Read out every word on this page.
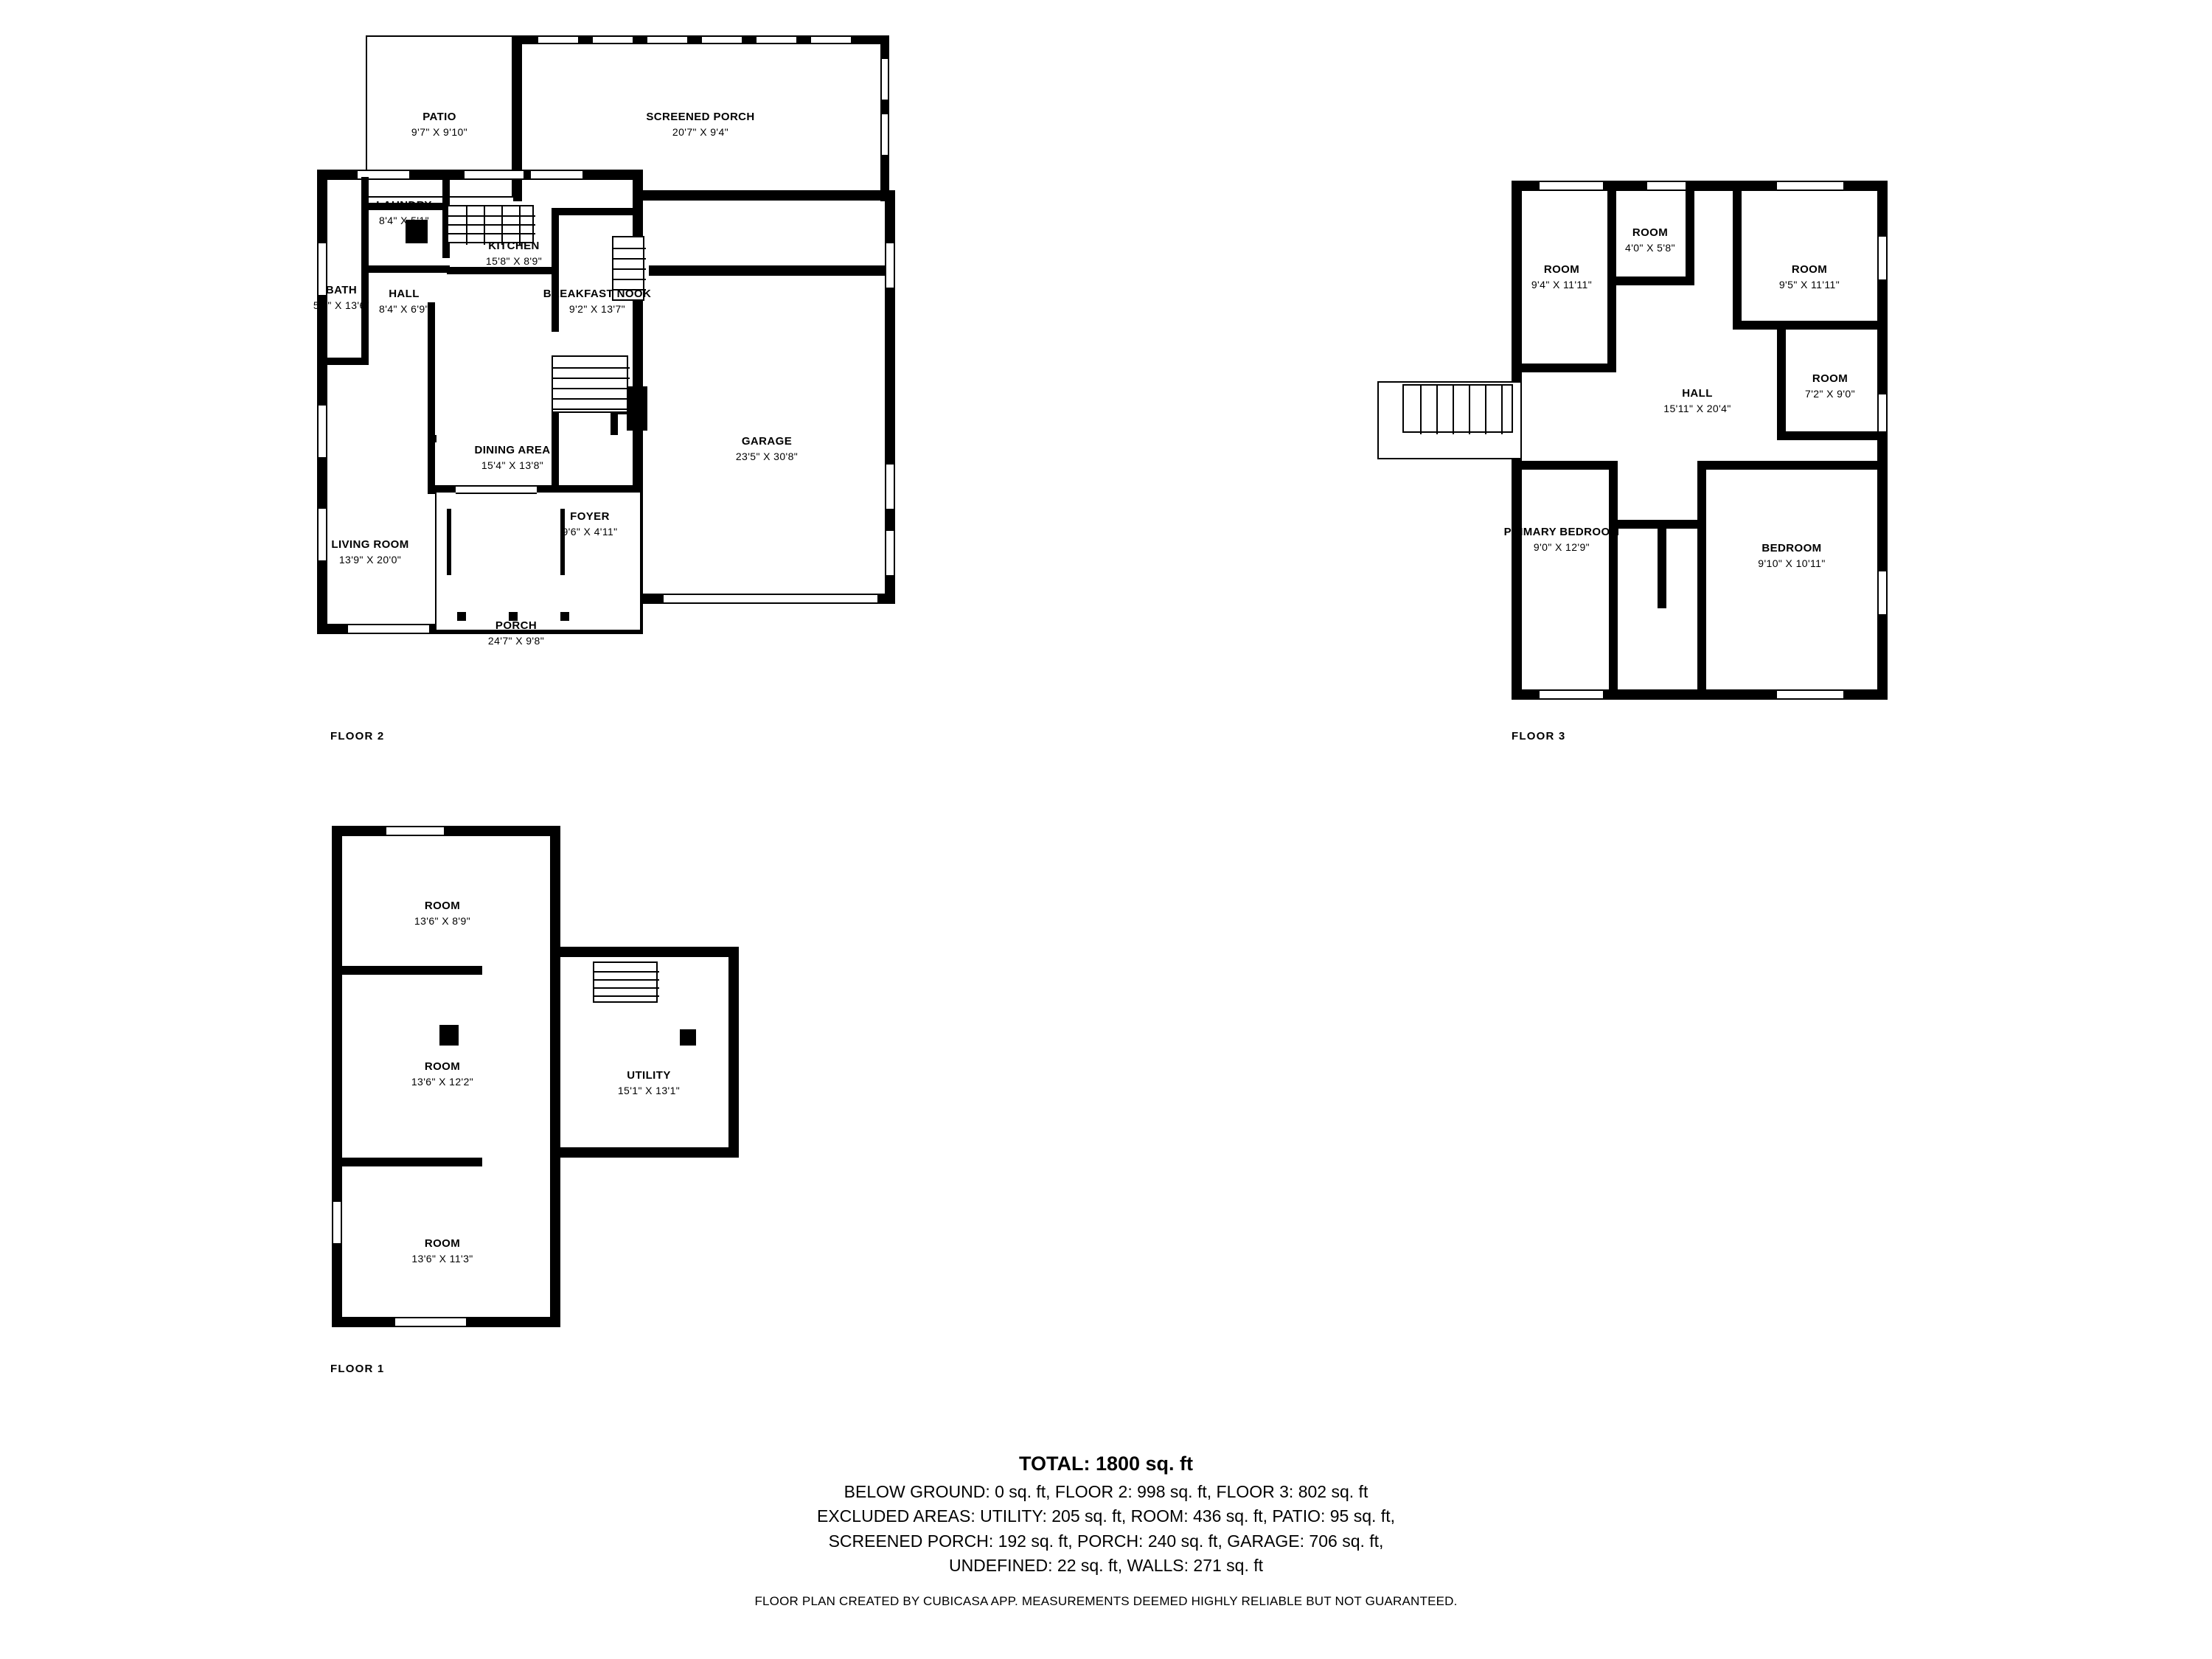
PATIO
9'7" X 9'10"
SCREENED PORCH
20'7" X 9'4"
LAUNDRY
8'4" X 5'1"
KITCHEN
15'8" X 8'9"
BATH
5'1" X 13'6"
HALL
8'4" X 6'9"
BREAKFAST NOOK
9'2" X 13'7"
DINING AREA
15'4" X 13'8"
GARAGE
23'5" X 30'8"
FOYER
9'6" X 4'11"
LIVING ROOM
13'9" X 20'0"
PORCH
24'7" X 9'8"
FLOOR 2
ROOM
4'0" X 5'8"
ROOM
9'4" X 11'11"
ROOM
9'5" X 11'11"
HALL
15'11" X 20'4"
ROOM
7'2" X 9'0"
PRIMARY BEDROOM
9'0" X 12'9"	BEDROOM
9'10" X 10'11"
FLOOR 3
ROOM
13'6" X 8'9"
ROOM
13'6" X 12'2"
ROOM
13'6" X 11'3"
UTILITY
15'1" X 13'1"
FLOOR 1
TOTAL: 1800 sq. ft
BELOW GROUND: 0 sq. ft, FLOOR 2: 998 sq. ft, FLOOR 3: 802 sq. ft
EXCLUDED AREAS: UTILITY: 205 sq. ft, ROOM: 436 sq. ft, PATIO: 95 sq. ft,
SCREENED PORCH: 192 sq. ft, PORCH: 240 sq. ft, GARAGE: 706 sq. ft,
UNDEFINED: 22 sq. ft, WALLS: 271 sq. ft
FLOOR PLAN CREATED BY CUBICASA APP. MEASUREMENTS DEEMED HIGHLY RELIABLE BUT NOT GUARANTEED.
